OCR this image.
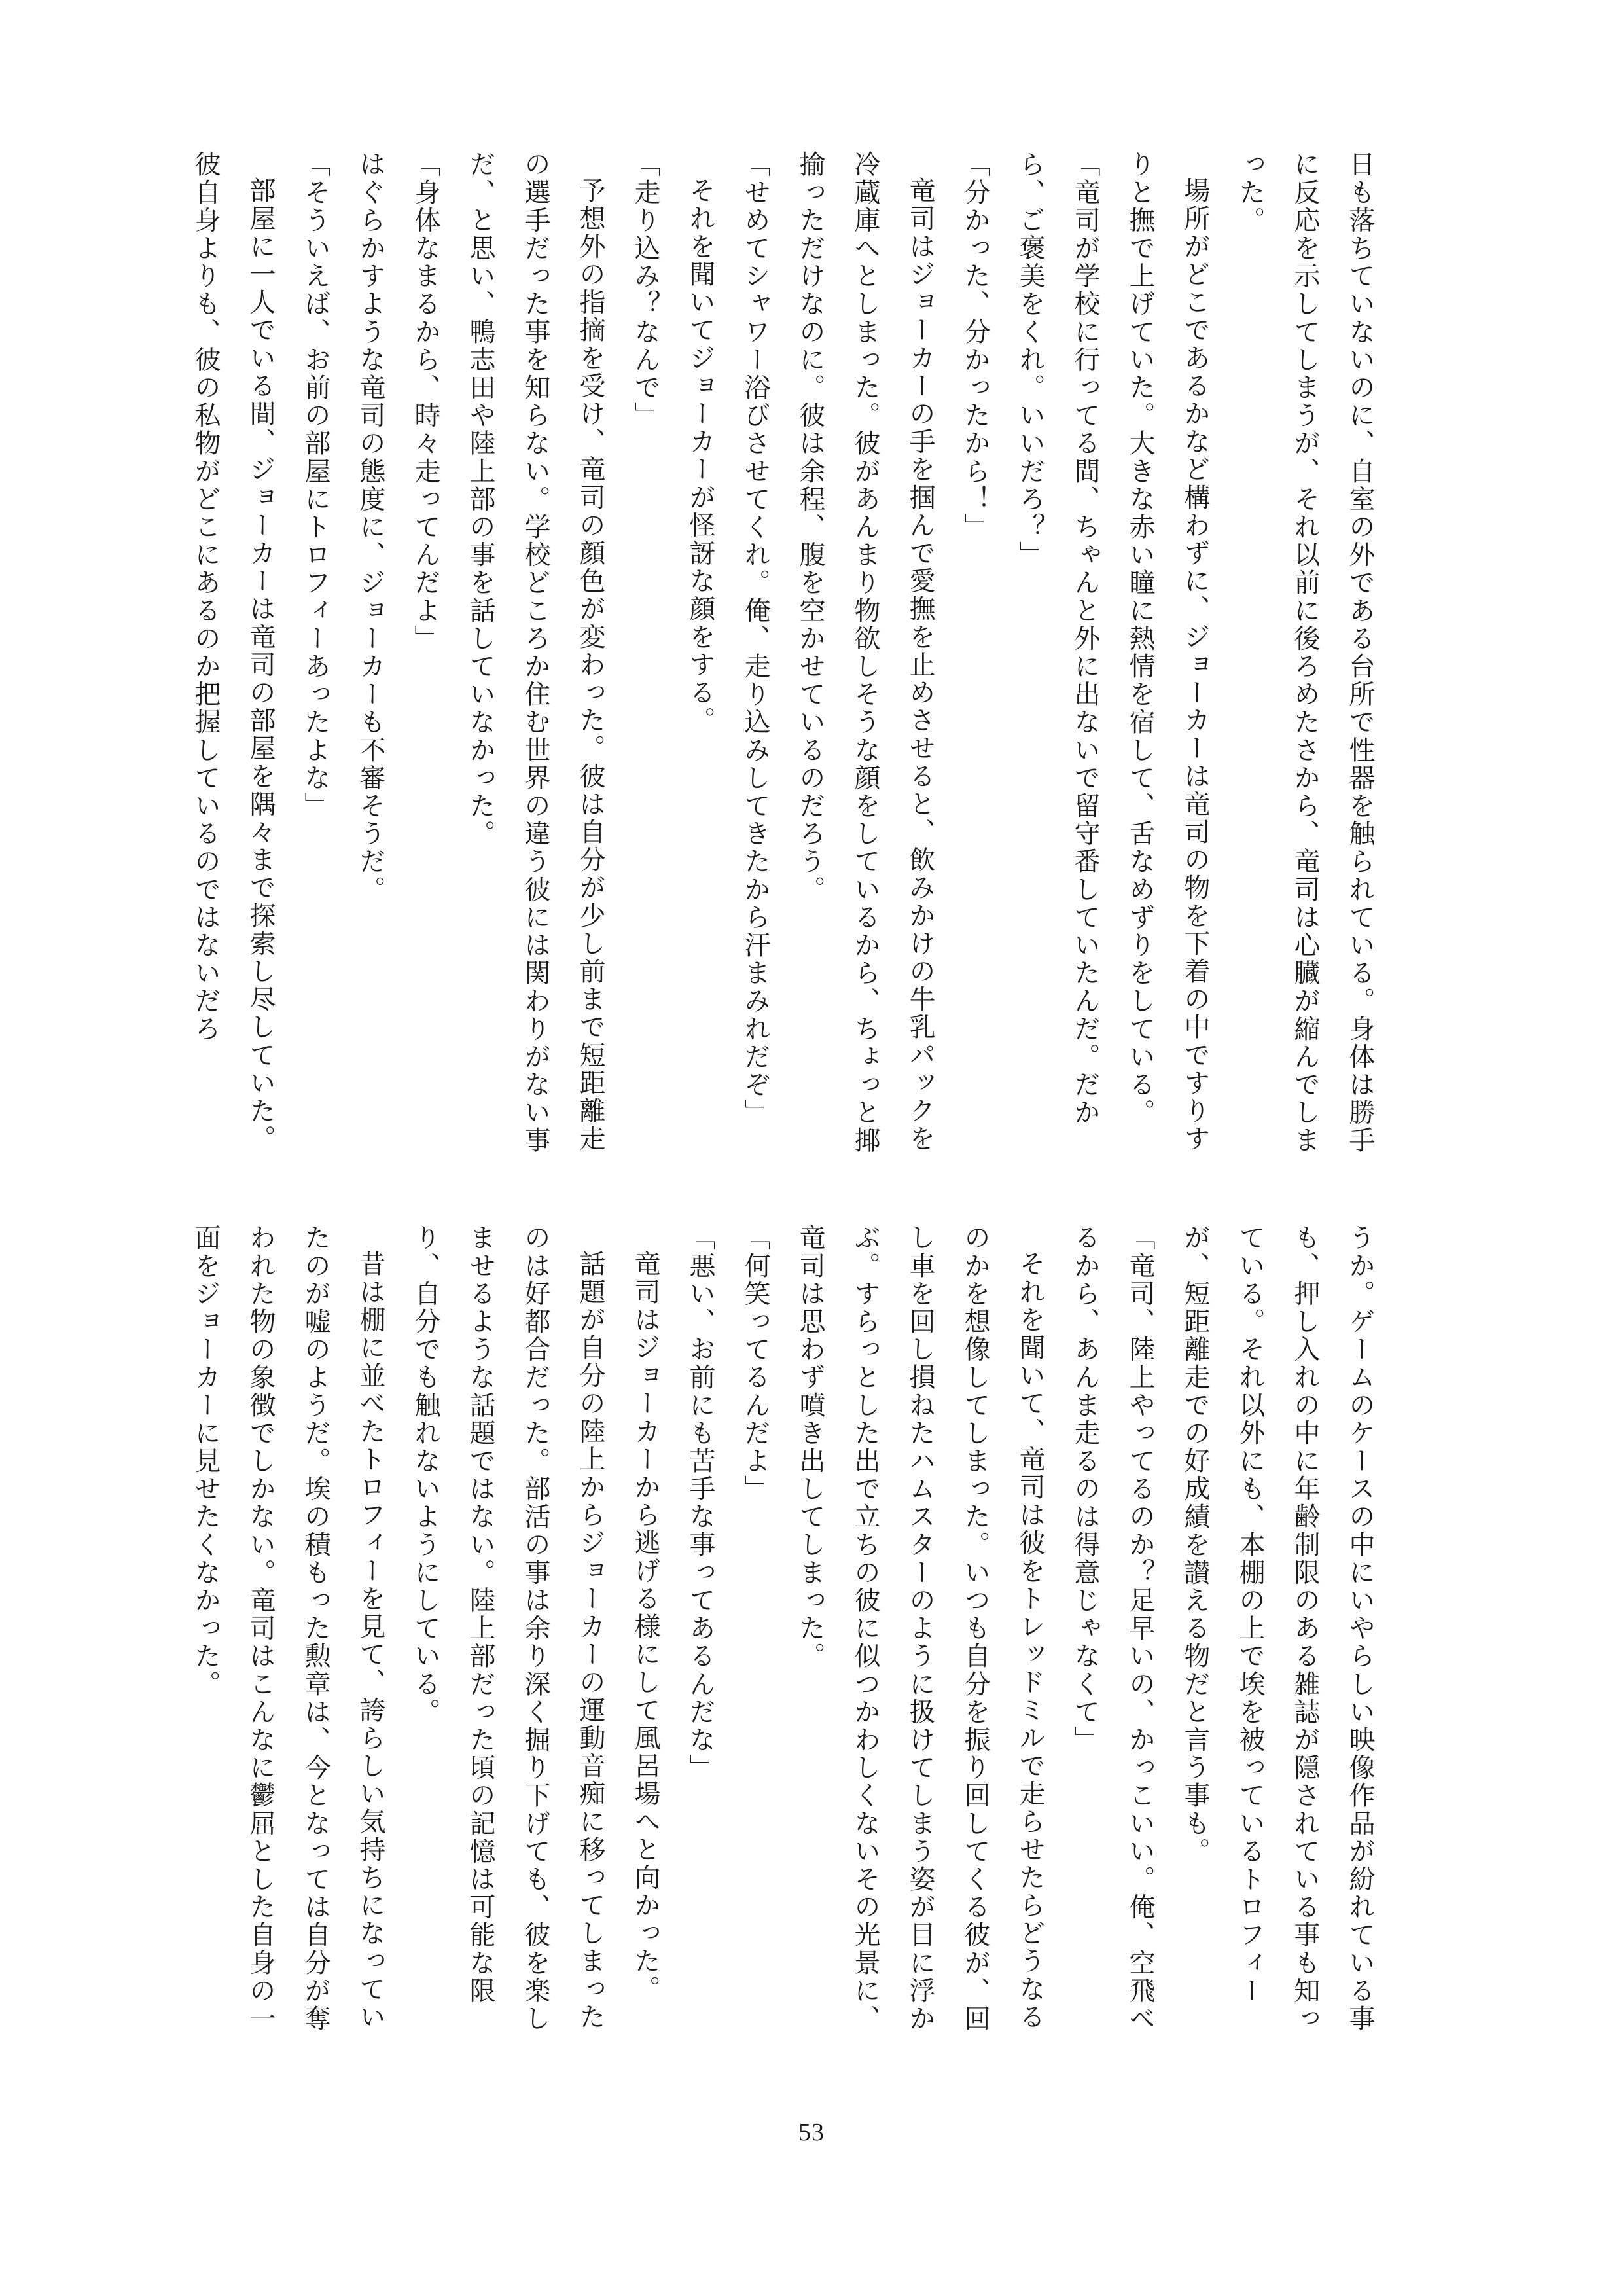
日も落ちていないのに、自室の外である台所で性器を触られている。身体は勝手に反応を示してしまうが、それ以前に後ろめたさから、竜司は心臓が縮んでしまった。

場所がどこであるかなど構わずに、ジョーカーは竜司の物を下着の中ですりすりと撫で上げていた。大きな赤い瞳に熱情を宿して、舌なめずりをしている。

「竜司が学校に行ってる間、ちゃんと外に出ないで留守番していたんだ。だから、ご褒美をくれ。いいだろ？」

「分かった、分かったから！」

竜司はジョーカーの手を掴んで愛撫を止めさせると、飲みかけの牛乳パックを冷蔵庫へとしまった。彼があんまり物欲しそうな顔をしているから、ちょっと揶揄っただけなのに。彼は余程、腹を空かせているのだろう。

「せめてシャワー浴びさせてくれ。俺、走り込みしてきたから汗まみれだぞ」

それを聞いてジョーカーが怪訝な顔をする。

「走り込み？なんで」

予想外の指摘を受け、竜司の顔色が変わった。彼は自分が少し前まで短距離走の選手だった事を知らない。学校どころか住む世界の違う彼には関わりがない事だ、と思い、鴨志田や陸上部の事を話していなかった。

「身体なまるから、時々走ってんだよ」

はぐらかすような竜司の態度に、ジョーカーも不審そうだ。

「そういえば、お前の部屋にトロフィーあったよな」

部屋に一人でいる間、ジョーカーは竜司の部屋を隅々まで探索し尽していた。彼自身よりも、彼の私物がどこにあるのか把握しているのではないだろ

うか。ゲームのケースの中にいやらしい映像作品が紛れている事も、押し入れの中に年齢制限のある雑誌が隠されている事も知っている。それ以外にも、本棚の上で埃を被っているトロフィーが、短距離走での好成績を讃える物だと言う事も。

「竜司、陸上やってるのか？足早いの、かっこいい。俺、空飛べるから、あんま走るのは得意じゃなくて」

それを聞いて、竜司は彼をトレッドミルで走らせたらどうなるのかを想像してしまった。いつも自分を振り回してくる彼が、回し車を回し損ねたハムスターのように扱けてしまう姿が目に浮かぶ。すらっとした出で立ちの彼に似つかわしくないその光景に、竜司は思わず噴き出してしまった。

「何笑ってるんだよ」

「悪い、お前にも苦手な事ってあるんだな」

竜司はジョーカーから逃げる様にして風呂場へと向かった。

話題が自分の陸上からジョーカーの運動音痴に移ってしまったのは好都合だった。部活の事は余り深く掘り下げても、彼を楽しませるような話題ではない。陸上部だった頃の記憶は可能な限り、自分でも触れないようにしている。

昔は棚に並べたトロフィーを見て、誇らしい気持ちになっていたのが嘘のようだ。埃の積もった勲章は、今となっては自分が奪われた物の象徴でしかない。竜司はこんなに鬱屈とした自身の一面をジョーカーに見せたくなかった。

53
